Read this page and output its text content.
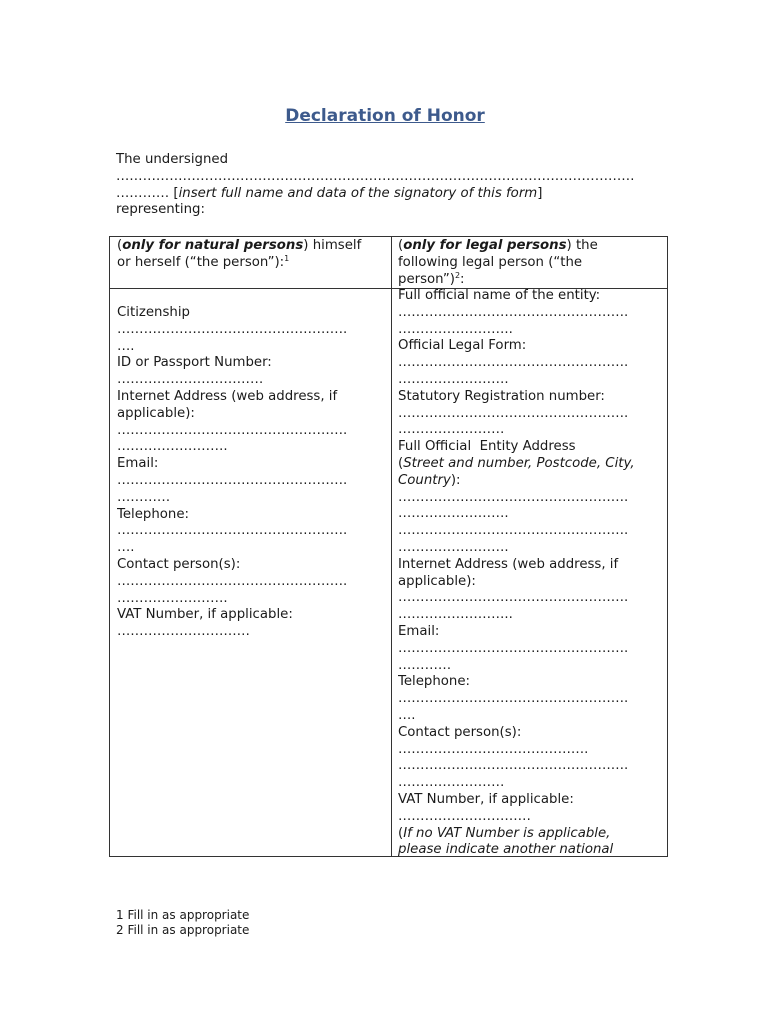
Declaration of Honor

The undersigned

………………………………………………………………………………………………………

………… [insert full name and data of the signatory of this form]

representing:

(only for natural persons) himself
or herself (“the person”):$^1$
(only for legal persons) the
following legal person (“the
person”)$^2$:
Citizenship
…………………………………………….
….
ID or Passport Number:
……………………………
Internet Address (web address, if
applicable):
…………………………………………….
…………………….
Email:
…………………………………………….
…………
Telephone:
…………………………………………….
….
Contact person(s):
…………………………………………….
…………………….
VAT Number, if applicable:
…………………………
Full official name of the entity:
…………………………………………….
……………………..
Official Legal Form:
…………………………………………….
…………………….
Statutory Registration number:
…………………………………………….
……………………
Full Official  Entity Address
(Street and number, Postcode, City,
Country):
…………………………………………….
…………………….
…………………………………………….
…………………….
Internet Address (web address, if
applicable):
…………………………………………….
……………………..
Email:
…………………………………………….
…………
Telephone:
…………………………………………….
….
Contact person(s):
…………………………………….
…………………………………………….
……………………
VAT Number, if applicable:
…………………………
(If no VAT Number is applicable,
please indicate another national
1 Fill in as appropriate
2 Fill in as appropriate
